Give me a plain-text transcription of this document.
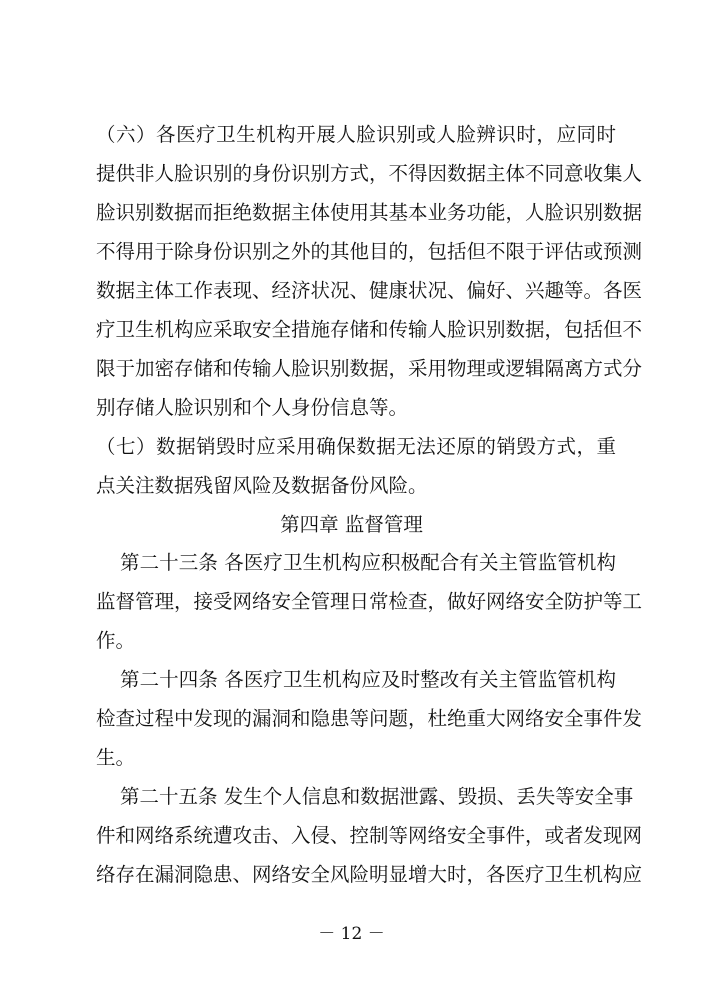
（六）各医疗卫生机构开展人脸识别或人脸辨识时，应同时
提供非人脸识别的身份识别方式，不得因数据主体不同意收集人
脸识别数据而拒绝数据主体使用其基本业务功能，人脸识别数据
不得用于除身份识别之外的其他目的，包括但不限于评估或预测
数据主体工作表现、经济状况、健康状况、偏好、兴趣等。各医
疗卫生机构应采取安全措施存储和传输人脸识别数据，包括但不
限于加密存储和传输人脸识别数据，采用物理或逻辑隔离方式分
别存储人脸识别和个人身份信息等。
（七）数据销毁时应采用确保数据无法还原的销毁方式，重
点关注数据残留风险及数据备份风险。
第四章 监督管理
第二十三条 各医疗卫生机构应积极配合有关主管监管机构
监督管理，接受网络安全管理日常检查，做好网络安全防护等工
作。
第二十四条 各医疗卫生机构应及时整改有关主管监管机构
检查过程中发现的漏洞和隐患等问题，杜绝重大网络安全事件发
生。
第二十五条 发生个人信息和数据泄露、毁损、丢失等安全事
件和网络系统遭攻击、入侵、控制等网络安全事件，或者发现网
络存在漏洞隐患、网络安全风险明显增大时，各医疗卫生机构应
－ 12 －
